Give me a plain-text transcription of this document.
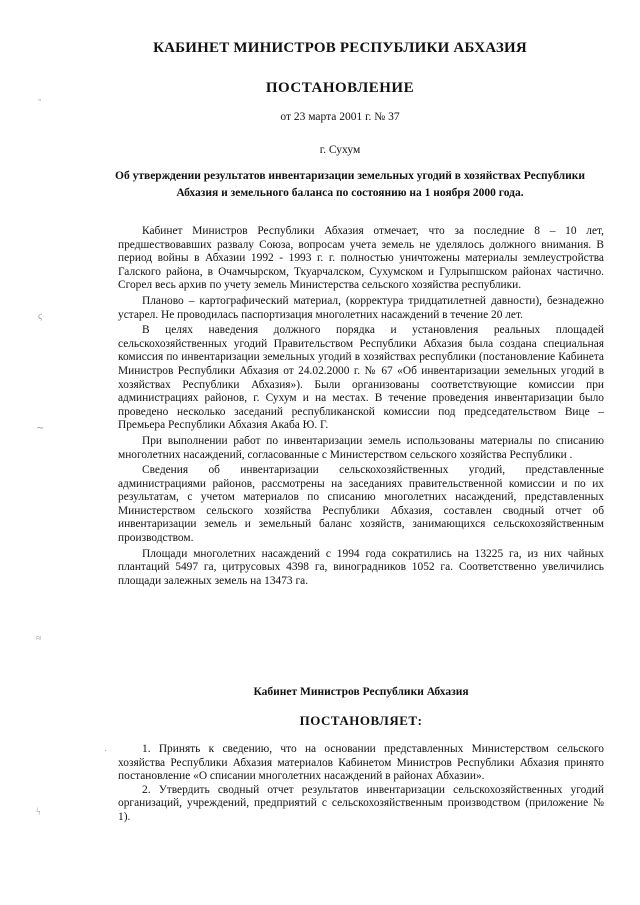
◦
ϛ
∼
≈
ϟ
·
КАБИНЕТ МИНИСТРОВ РЕСПУБЛИКИ АБХАЗИЯ
ПОСТАНОВЛЕНИЕ
от 23 марта 2001 г. № 37
г. Сухум
Об утверждении результатов инвентаризации земельных угодий в хозяйствах Республики Абхазия и земельного баланса по состоянию на 1 ноября 2000 года.

Кабинет Министров Республики Абхазия отмечает, что за последние 8 – 10 лет, предшествовавших развалу Союза, вопросам учета земель не уделялось должного внимания. В период войны в Абхазии 1992 - 1993 г. г. полностью уничтожены материалы землеустройства Галского района, в Очамчырском, Ткуарчалском, Сухумском и Гулрыпшском районах частично. Сгорел весь архив по учету земель Министерства сельского хозяйства республики.

Планово – картографический материал, (корректура тридцатилетней давности), безнадежно устарел. Не проводилась паспортизация многолетних насаждений в течение 20 лет.

В целях наведения должного порядка и установления реальных площадей сельскохозяйственных угодий Правительством Республики Абхазия была создана специальная комиссия по инвентаризации земельных угодий в хозяйствах республики (постановление Кабинета Министров Республики Абхазия от 24.02.2000 г. № 67 «Об инвентаризации земельных угодий в хозяйствах Республики Абхазия»). Были организованы соответствующие комиссии при администрациях районов, г. Сухум и на местах. В течение проведения инвентаризации было проведено несколько заседаний республиканской комиссии под председательством Вице – Премьера Республики Абхазия Акаба Ю. Г.

При выполнении работ по инвентаризации земель использованы материалы по списанию многолетних насаждений, согласованные с Министерством сельского хозяйства Республики .

Сведения об инвентаризации сельскохозяйственных угодий, представленные администрациями районов, рассмотрены на заседаниях правительственной комиссии и по их результатам, с учетом материалов по списанию многолетних насаждений, представленных Министерством сельского хозяйства Республики Абхазия, составлен сводный отчет об инвентаризации земель и земельный баланс хозяйств, занимающихся сельскохозяйственным производством.

Площади многолетних насаждений с 1994 года сократились на 13225 га, из них чайных плантаций 5497 га, цитрусовых 4398 га, виноградников 1052 га. Соответственно увеличились площади залежных земель на 13473 га.

Кабинет Министров Республики Абхазия
ПОСТАНОВЛЯЕТ:

1. Принять к сведению, что на основании представленных Министерством сельского хозяйства Республики Абхазия материалов Кабинетом Министров Республики Абхазия принято постановление «О списании многолетних насаждений в районах Абхазии».

2. Утвердить сводный отчет результатов инвентаризации сельскохозяйственных угодий организаций, учреждений, предприятий с сельскохозяйственным производством (приложение № 1).
